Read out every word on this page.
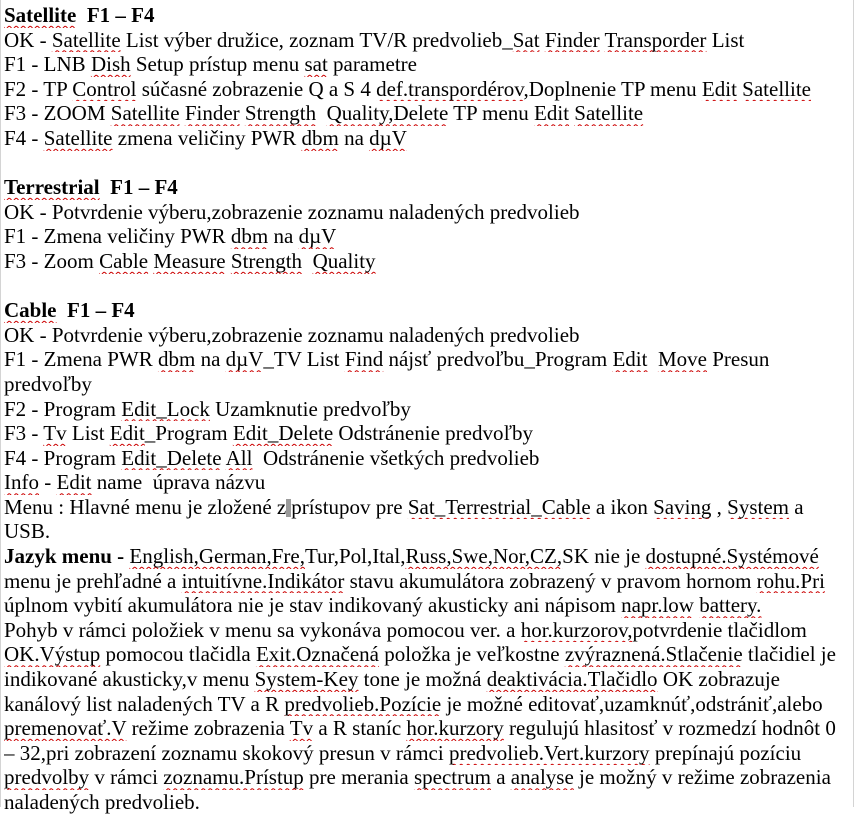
Satellite  F1 – F4
OK - Satellite List výber družice, zoznam TV/R predvolieb_Sat Finder Transporder List
F1 - LNB Dish Setup prístup menu sat parametre
F2 - TP Control súčasné zobrazenie Q a S 4 def.transpordérov,Doplnenie TP menu Edit Satellite
F3 - ZOOM Satellite Finder Strength Quality,Delete TP menu Edit Satellite
F4 - Satellite zmena veličiny PWR dbm na dµV
Terrestrial  F1 – F4
OK - Potvrdenie výberu,zobrazenie zoznamu naladených predvolieb
F1 - Zmena veličiny PWR dbm na dµV
F3 - Zoom Cable Measure Strength Quality
Cable  F1 – F4
OK - Potvrdenie výberu,zobrazenie zoznamu naladených predvolieb
F1 - Zmena PWR dbm na dµV_TV List Find nájsť predvoľbu_Program Edit Move Presun
predvoľby
F2 - Program Edit_Lock Uzamknutie predvoľby
F3 - Tv List Edit_Program Edit_Delete Odstránenie predvoľby
F4 - Program Edit_Delete All  Odstránenie všetkých predvolieb
Info - Edit name  úprava názvu
Menu : Hlavné menu je zložené z prístupov pre Sat_Terrestrial_Cable a ikon Saving , System a
USB.
Jazyk menu - English,German,Fre,Tur,Pol,Ital,Russ,Swe,Nor,CZ,SK nie je dostupné.Systémové
menu je prehľadné a intuitívne.Indikátor stavu akumulátora zobrazený v pravom hornom rohu.Pri
úplnom vybití akumulátora nie je stav indikovaný akusticky ani nápisom napr.low battery.
Pohyb v rámci položiek v menu sa vykonáva pomocou ver. a hor.kurzorov,potvrdenie tlačidlom
OK.Výstup pomocou tlačidla Exit.Označená položka je veľkostne zvýraznená.Stlačenie tlačidiel je
indikované akusticky,v menu System-Key tone je možná deaktivácia.Tlačidlo OK zobrazuje
kanálový list naladených TV a R predvolieb.Pozície je možné editovať,uzamknúť,odstrániť,alebo
premenovať.V režime zobrazenia Tv a R staníc hor.kurzory regulujú hlasitosť v rozmedzí hodnôt 0
– 32,pri zobrazení zoznamu skokový presun v rámci predvolieb.Vert.kurzory prepínajú pozíciu
predvolby v rámci zoznamu.Prístup pre merania spectrum a analyse je možný v režime zobrazenia
naladených predvolieb.
